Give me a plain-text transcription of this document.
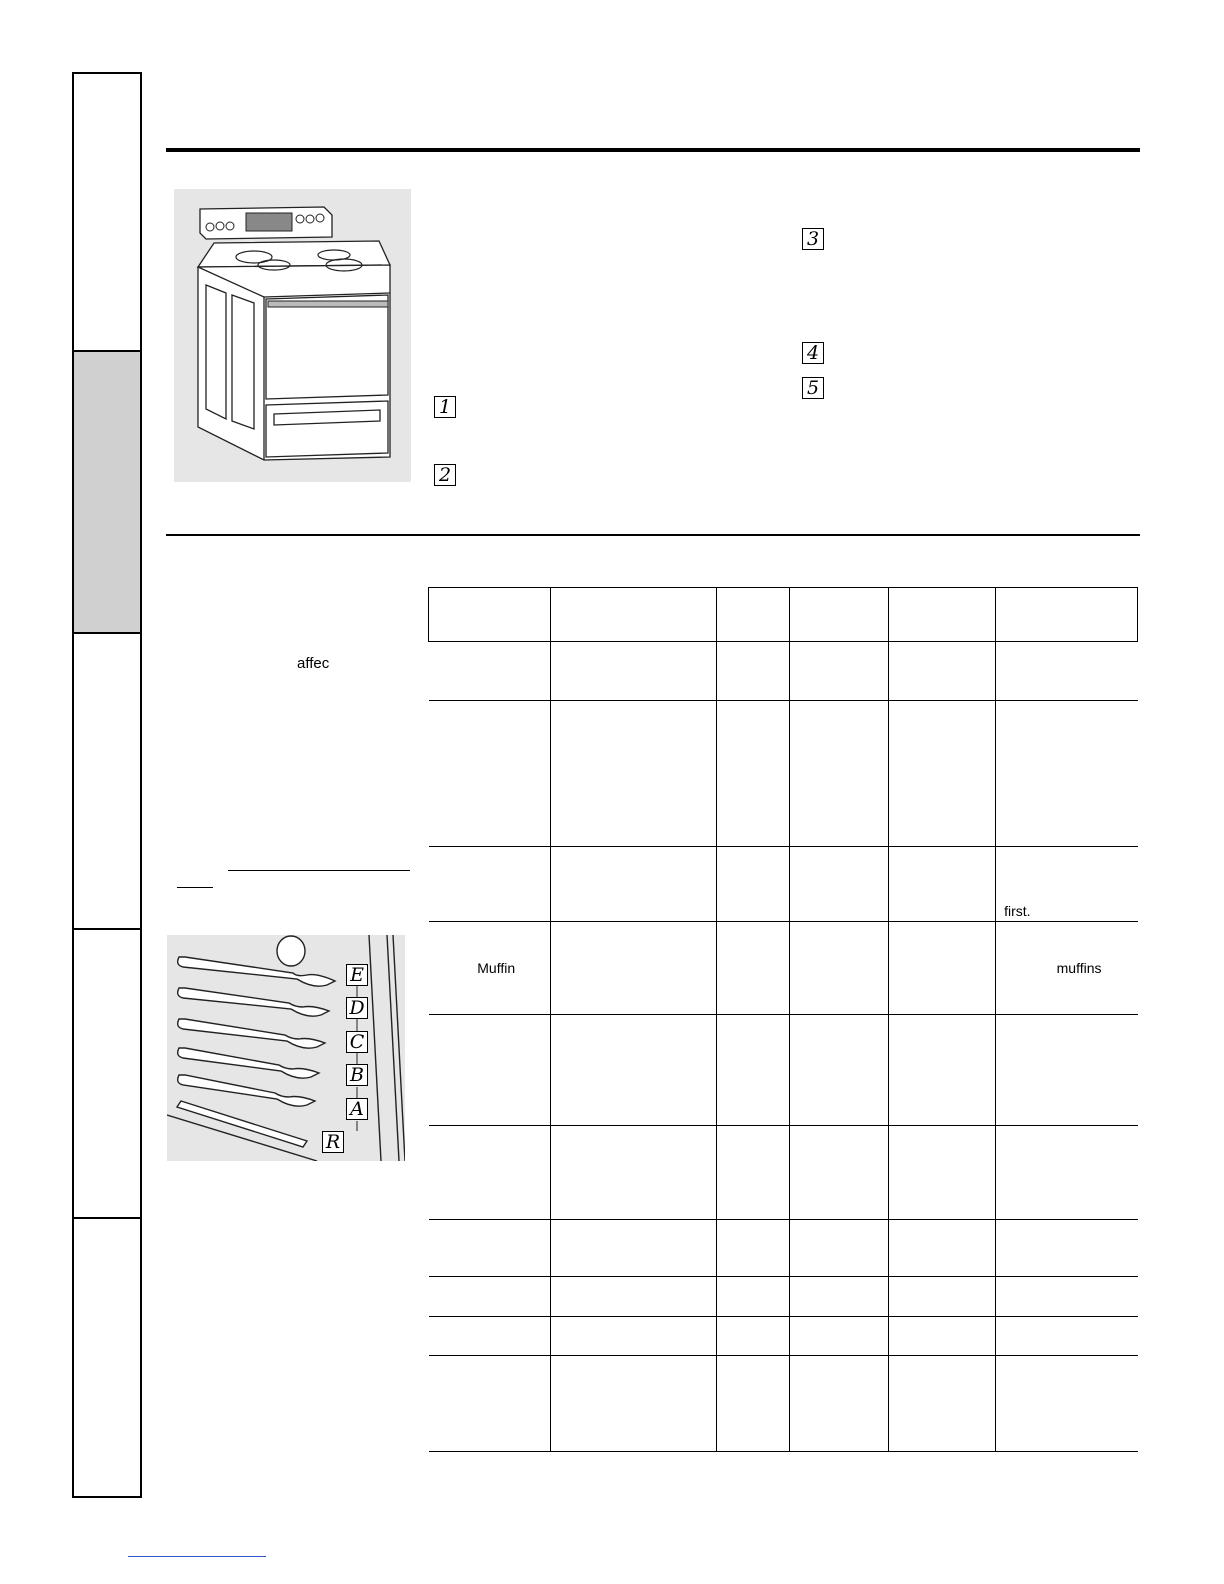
3
4
5
1
2
affec
E
D
C
B
A
R

					first.
Muffin					muffins
